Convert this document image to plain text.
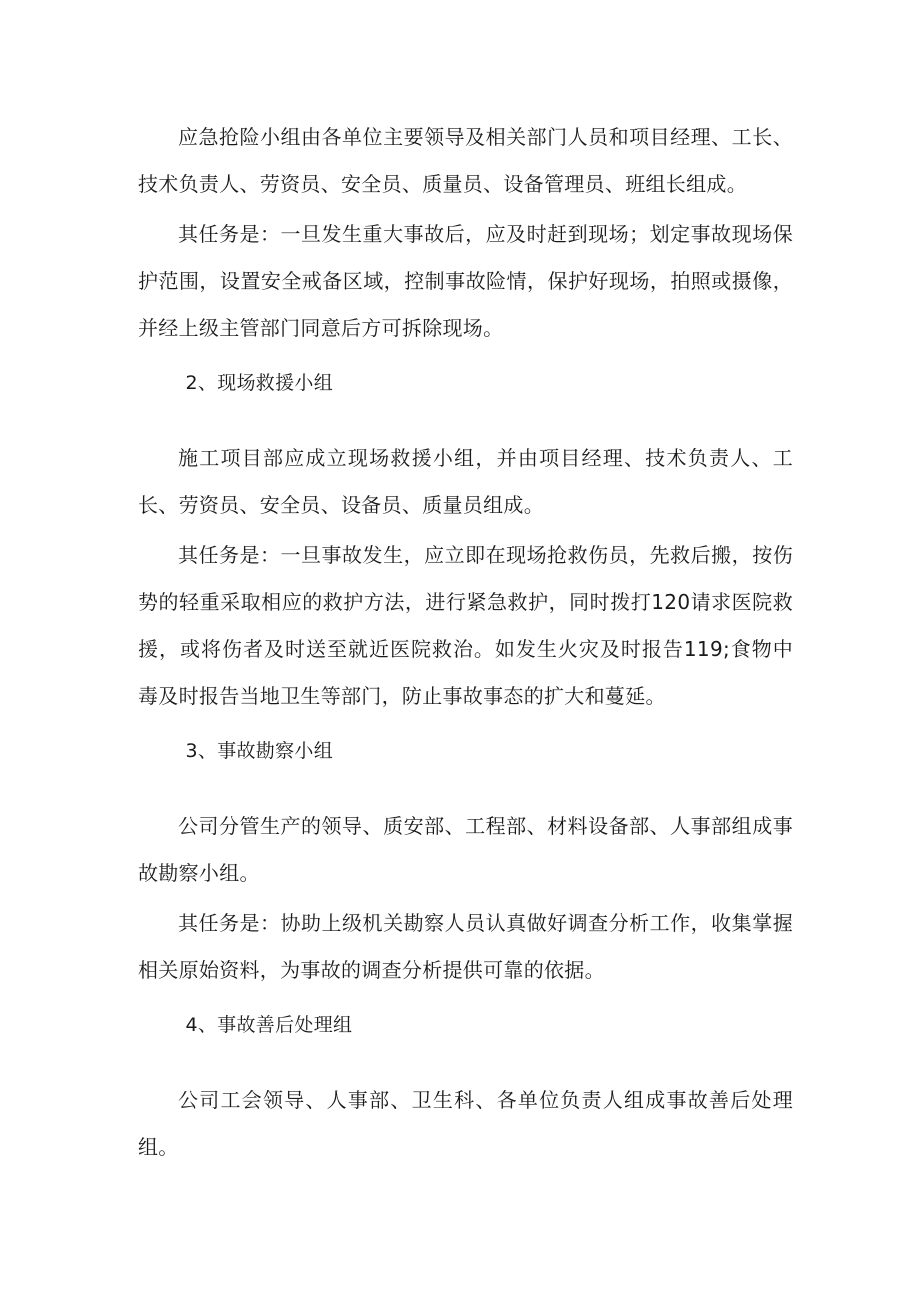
应急抢险小组由各单位主要领导及相关部门人员和项目经理、工长、技术负责人、劳资员、安全员、质量员、设备管理员、班组长组成。

其任务是：一旦发生重大事故后，应及时赶到现场；划定事故现场保护范围，设置安全戒备区域，控制事故险情，保护好现场，拍照或摄像，并经上级主管部门同意后方可拆除现场。

2、现场救援小组

施工项目部应成立现场救援小组，并由项目经理、技术负责人、工长、劳资员、安全员、设备员、质量员组成。

其任务是：一旦事故发生，应立即在现场抢救伤员，先救后搬，按伤势的轻重采取相应的救护方法，进行紧急救护，同时拨打120请求医院救援，或将伤者及时送至就近医院救治。如发生火灾及时报告119;食物中毒及时报告当地卫生等部门，防止事故事态的扩大和蔓延。

3、事故勘察小组

公司分管生产的领导、质安部、工程部、材料设备部、人事部组成事故勘察小组。

其任务是：协助上级机关勘察人员认真做好调查分析工作，收集掌握相关原始资料，为事故的调查分析提供可靠的依据。

4、事故善后处理组

公司工会领导、人事部、卫生科、各单位负责人组成事故善后处理组。
